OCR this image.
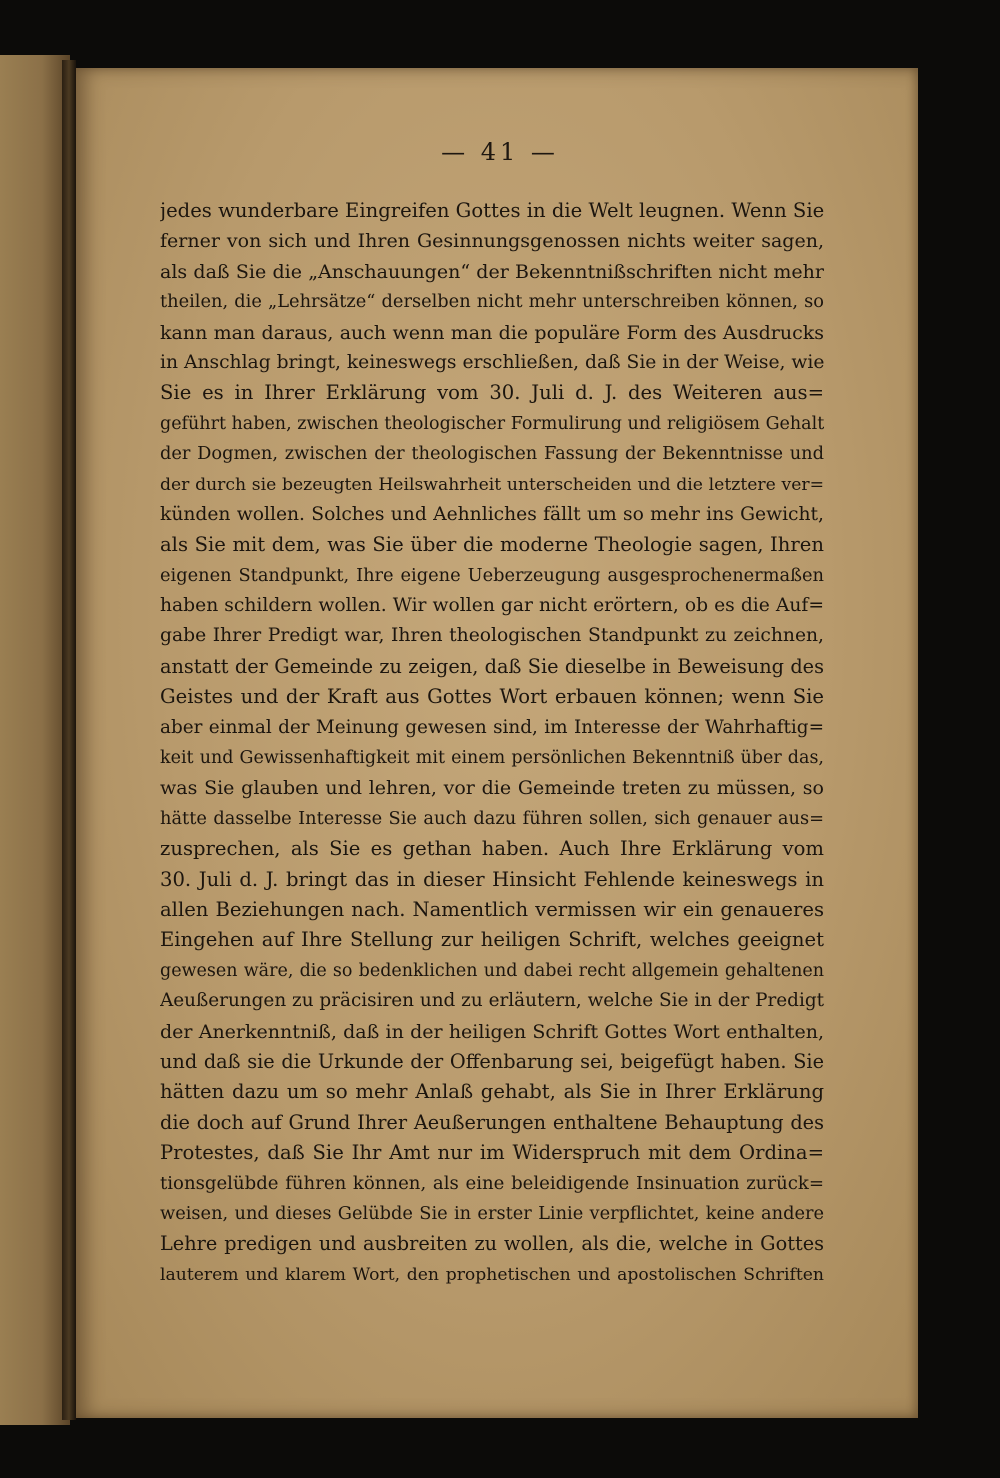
— 41 —
jedes wunderbare Eingreifen Gottes in die Welt leugnen. Wenn Sie
ferner von sich und Ihren Gesinnungsgenossen nichts weiter sagen,
als daß Sie die „Anschauungen“ der Bekenntnißschriften nicht mehr
theilen, die „Lehrsätze“ derselben nicht mehr unterschreiben können, so
kann man daraus, auch wenn man die populäre Form des Ausdrucks
in Anschlag bringt, keineswegs erschließen, daß Sie in der Weise, wie
Sie es in Ihrer Erklärung vom 30. Juli d. J. des Weiteren aus=
geführt haben, zwischen theologischer Formulirung und religiösem Gehalt
der Dogmen, zwischen der theologischen Fassung der Bekenntnisse und
der durch sie bezeugten Heilswahrheit unterscheiden und die letztere ver=
künden wollen. Solches und Aehnliches fällt um so mehr ins Gewicht,
als Sie mit dem, was Sie über die moderne Theologie sagen, Ihren
eigenen Standpunkt, Ihre eigene Ueberzeugung ausgesprochenermaßen
haben schildern wollen. Wir wollen gar nicht erörtern, ob es die Auf=
gabe Ihrer Predigt war, Ihren theologischen Standpunkt zu zeichnen,
anstatt der Gemeinde zu zeigen, daß Sie dieselbe in Beweisung des
Geistes und der Kraft aus Gottes Wort erbauen können; wenn Sie
aber einmal der Meinung gewesen sind, im Interesse der Wahrhaftig=
keit und Gewissenhaftigkeit mit einem persönlichen Bekenntniß über das,
was Sie glauben und lehren, vor die Gemeinde treten zu müssen, so
hätte dasselbe Interesse Sie auch dazu führen sollen, sich genauer aus=
zusprechen, als Sie es gethan haben. Auch Ihre Erklärung vom
30. Juli d. J. bringt das in dieser Hinsicht Fehlende keineswegs in
allen Beziehungen nach. Namentlich vermissen wir ein genaueres
Eingehen auf Ihre Stellung zur heiligen Schrift, welches geeignet
gewesen wäre, die so bedenklichen und dabei recht allgemein gehaltenen
Aeußerungen zu präcisiren und zu erläutern, welche Sie in der Predigt
der Anerkenntniß, daß in der heiligen Schrift Gottes Wort enthalten,
und daß sie die Urkunde der Offenbarung sei, beigefügt haben. Sie
hätten dazu um so mehr Anlaß gehabt, als Sie in Ihrer Erklärung
die doch auf Grund Ihrer Aeußerungen enthaltene Behauptung des
Protestes, daß Sie Ihr Amt nur im Widerspruch mit dem Ordina=
tionsgelübde führen können, als eine beleidigende Insinuation zurück=
weisen, und dieses Gelübde Sie in erster Linie verpflichtet, keine andere
Lehre predigen und ausbreiten zu wollen, als die, welche in Gottes
lauterem und klarem Wort, den prophetischen und apostolischen Schriften
